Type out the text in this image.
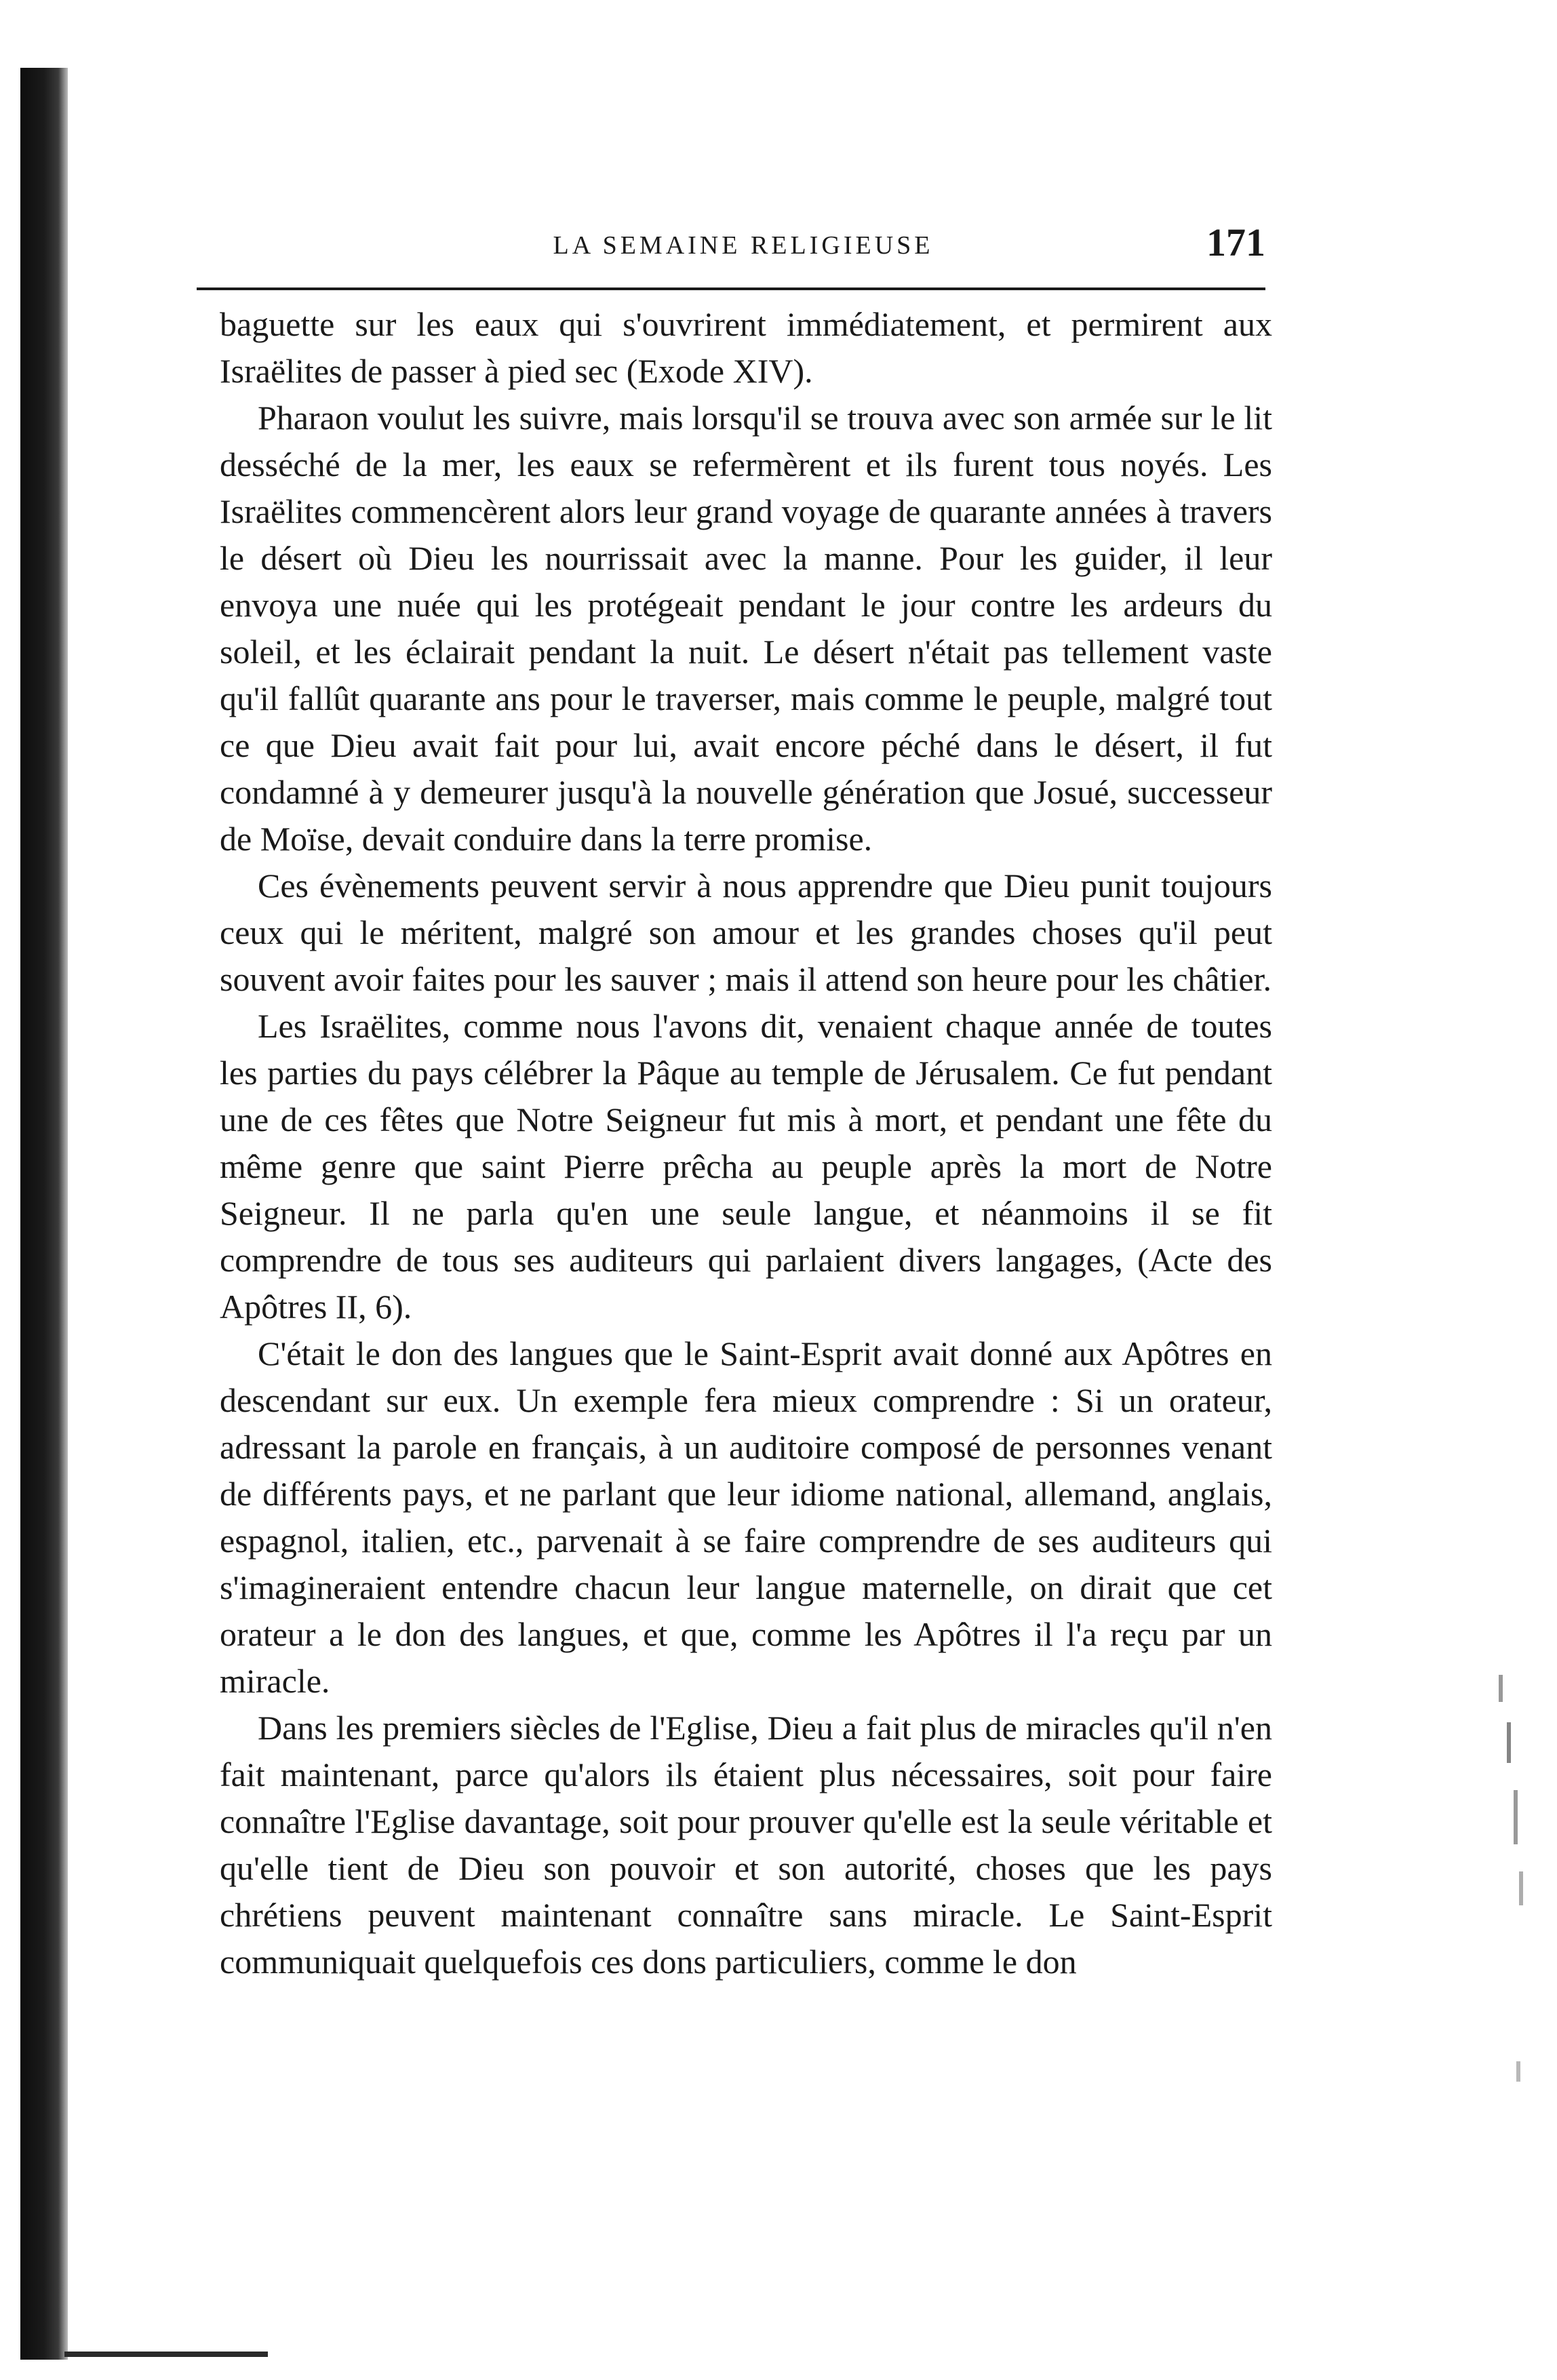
LA SEMAINE RELIGIEUSE	171

baguette sur les eaux qui s'ouvrirent immédiatement, et permirent aux Israëlites de passer à pied sec (Exode XIV).

Pharaon voulut les suivre, mais lorsqu'il se trouva avec son armée sur le lit desséché de la mer, les eaux se refermèrent et ils furent tous noyés. Les Israëlites commencèrent alors leur grand voyage de quarante années à travers le désert où Dieu les nourrissait avec la manne. Pour les guider, il leur envoya une nuée qui les protégeait pendant le jour contre les ardeurs du soleil, et les éclairait pendant la nuit. Le désert n'était pas tellement vaste qu'il fallût quarante ans pour le traverser, mais comme le peuple, malgré tout ce que Dieu avait fait pour lui, avait encore péché dans le désert, il fut condamné à y demeurer jusqu'à la nouvelle génération que Josué, successeur de Moïse, devait conduire dans la terre promise.

Ces évènements peuvent servir à nous apprendre que Dieu punit toujours ceux qui le méritent, malgré son amour et les grandes choses qu'il peut souvent avoir faites pour les sauver ; mais il attend son heure pour les châtier.

Les Israëlites, comme nous l'avons dit, venaient chaque année de toutes les parties du pays célébrer la Pâque au temple de Jérusalem. Ce fut pendant une de ces fêtes que Notre Seigneur fut mis à mort, et pendant une fête du même genre que saint Pierre prêcha au peuple après la mort de Notre Seigneur. Il ne parla qu'en une seule langue, et néanmoins il se fit comprendre de tous ses auditeurs qui parlaient divers langages, (Acte des Apôtres II, 6).

C'était le don des langues que le Saint-Esprit avait donné aux Apôtres en descendant sur eux. Un exemple fera mieux comprendre : Si un orateur, adressant la parole en français, à un auditoire composé de personnes venant de différents pays, et ne parlant que leur idiome national, allemand, anglais, espagnol, italien, etc., parvenait à se faire comprendre de ses auditeurs qui s'imagineraient entendre chacun leur langue maternelle, on dirait que cet orateur a le don des langues, et que, comme les Apôtres il l'a reçu par un miracle.

Dans les premiers siècles de l'Eglise, Dieu a fait plus de miracles qu'il n'en fait maintenant, parce qu'alors ils étaient plus nécessaires, soit pour faire connaître l'Eglise davantage, soit pour prouver qu'elle est la seule véritable et qu'elle tient de Dieu son pouvoir et son autorité, choses que les pays chrétiens peuvent maintenant connaître sans miracle. Le Saint-Esprit communiquait quelquefois ces dons particuliers, comme le don
